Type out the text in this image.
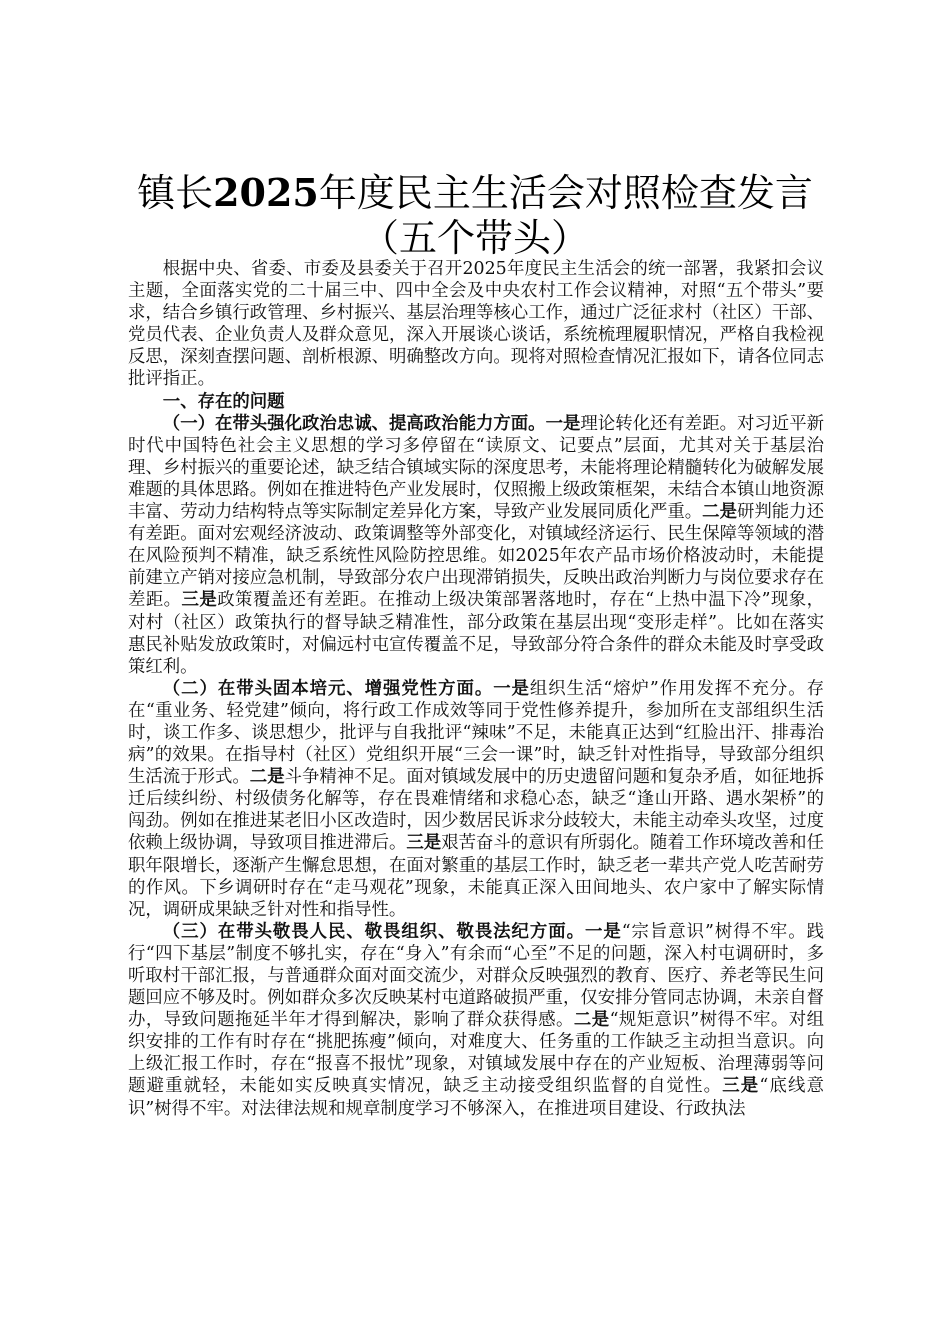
镇长2025年度民主生活会对照检查发言（五个带头）

根据中央、省委、市委及县委关于召开2025年度民主生活会的统一部署，我紧扣会议主题，全面落实党的二十届三中、四中全会及中央农村工作会议精神，对照“五个带头”要求，结合乡镇行政管理、乡村振兴、基层治理等核心工作，通过广泛征求村（社区）干部、党员代表、企业负责人及群众意见，深入开展谈心谈话，系统梳理履职情况，严格自我检视反思，深刻查摆问题、剖析根源、明确整改方向。现将对照检查情况汇报如下，请各位同志批评指正。

一、存在的问题

（一）在带头强化政治忠诚、提高政治能力方面。一是理论转化还有差距。对习近平新时代中国特色社会主义思想的学习多停留在“读原文、记要点”层面，尤其对关于基层治理、乡村振兴的重要论述，缺乏结合镇域实际的深度思考，未能将理论精髓转化为破解发展难题的具体思路。例如在推进特色产业发展时，仅照搬上级政策框架，未结合本镇山地资源丰富、劳动力结构特点等实际制定差异化方案，导致产业发展同质化严重。二是研判能力还有差距。面对宏观经济波动、政策调整等外部变化，对镇域经济运行、民生保障等领域的潜在风险预判不精准，缺乏系统性风险防控思维。如2025年农产品市场价格波动时，未能提前建立产销对接应急机制，导致部分农户出现滞销损失，反映出政治判断力与岗位要求存在差距。三是政策覆盖还有差距。在推动上级决策部署落地时，存在“上热中温下冷”现象，对村（社区）政策执行的督导缺乏精准性，部分政策在基层出现“变形走样”。比如在落实惠民补贴发放政策时，对偏远村屯宣传覆盖不足，导致部分符合条件的群众未能及时享受政策红利。

（二）在带头固本培元、增强党性方面。一是组织生活“熔炉”作用发挥不充分。存在“重业务、轻党建”倾向，将行政工作成效等同于党性修养提升，参加所在支部组织生活时，谈工作多、谈思想少，批评与自我批评“辣味”不足，未能真正达到“红脸出汗、排毒治病”的效果。在指导村（社区）党组织开展“三会一课”时，缺乏针对性指导，导致部分组织生活流于形式。二是斗争精神不足。面对镇域发展中的历史遗留问题和复杂矛盾，如征地拆迁后续纠纷、村级债务化解等，存在畏难情绪和求稳心态，缺乏“逢山开路、遇水架桥”的闯劲。例如在推进某老旧小区改造时，因少数居民诉求分歧较大，未能主动牵头攻坚，过度依赖上级协调，导致项目推进滞后。三是艰苦奋斗的意识有所弱化。随着工作环境改善和任职年限增长，逐渐产生懈怠思想，在面对繁重的基层工作时，缺乏老一辈共产党人吃苦耐劳的作风。下乡调研时存在“走马观花”现象，未能真正深入田间地头、农户家中了解实际情况，调研成果缺乏针对性和指导性。

（三）在带头敬畏人民、敬畏组织、敬畏法纪方面。一是“宗旨意识”树得不牢。践行“四下基层”制度不够扎实，存在“身入”有余而“心至”不足的问题，深入村屯调研时，多听取村干部汇报，与普通群众面对面交流少，对群众反映强烈的教育、医疗、养老等民生问题回应不够及时。例如群众多次反映某村屯道路破损严重，仅安排分管同志协调，未亲自督办，导致问题拖延半年才得到解决，影响了群众获得感。二是“规矩意识”树得不牢。对组织安排的工作有时存在“挑肥拣瘦”倾向，对难度大、任务重的工作缺乏主动担当意识。向上级汇报工作时，存在“报喜不报忧”现象，对镇域发展中存在的产业短板、治理薄弱等问题避重就轻，未能如实反映真实情况，缺乏主动接受组织监督的自觉性。三是“底线意识”树得不牢。对法律法规和规章制度学习不够深入，在推进项目建设、行政执法
